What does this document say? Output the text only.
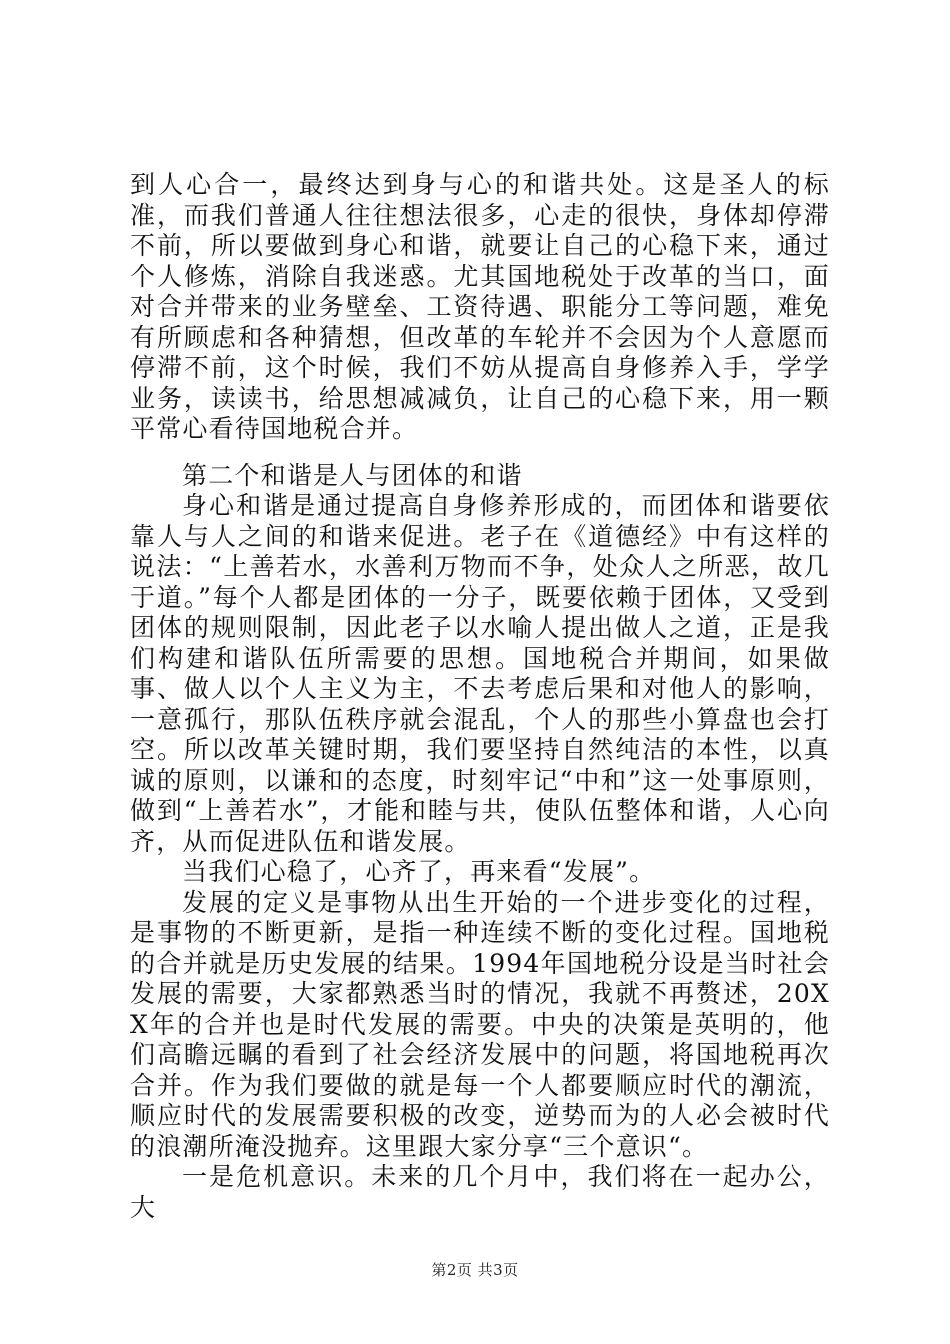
到人心合一，最终达到身与心的和谐共处。这是圣人的标准，而我们普通人往往想法很多，心走的很快，身体却停滞不前，所以要做到身心和谐，就要让自己的心稳下来，通过个人修炼，消除自我迷惑。尤其国地税处于改革的当口，面对合并带来的业务壁垒、工资待遇、职能分工等问题，难免有所顾虑和各种猜想，但改革的车轮并不会因为个人意愿而停滞不前，这个时候，我们不妨从提高自身修养入手，学学业务，读读书，给思想减减负，让自己的心稳下来，用一颗平常心看待国地税合并。

第二个和谐是人与团体的和谐

身心和谐是通过提高自身修养形成的，而团体和谐要依靠人与人之间的和谐来促进。老子在《道德经》中有这样的说法：“上善若水，水善利万物而不争，处众人之所恶，故几于道。”每个人都是团体的一分子，既要依赖于团体，又受到团体的规则限制，因此老子以水喻人提出做人之道，正是我们构建和谐队伍所需要的思想。国地税合并期间，如果做事、做人以个人主义为主，不去考虑后果和对他人的影响，一意孤行，那队伍秩序就会混乱，个人的那些小算盘也会打空。所以改革关键时期，我们要坚持自然纯洁的本性，以真诚的原则，以谦和的态度，时刻牢记“中和”这一处事原则，做到“上善若水”，才能和睦与共，使队伍整体和谐，人心向齐，从而促进队伍和谐发展。

当我们心稳了，心齐了，再来看“发展”。

发展的定义是事物从出生开始的一个进步变化的过程，是事物的不断更新，是指一种连续不断的变化过程。国地税的合并就是历史发展的结果。1994年国地税分设是当时社会发展的需要，大家都熟悉当时的情况，我就不再赘述，20XX年的合并也是时代发展的需要。中央的决策是英明的，他们高瞻远瞩的看到了社会经济发展中的问题，将国地税再次合并。作为我们要做的就是每一个人都要顺应时代的潮流，顺应时代的发展需要积极的改变，逆势而为的人必会被时代的浪潮所淹没抛弃。这里跟大家分享“三个意识“。

一是危机意识。未来的几个月中，我们将在一起办公，大

第2页 共3页
